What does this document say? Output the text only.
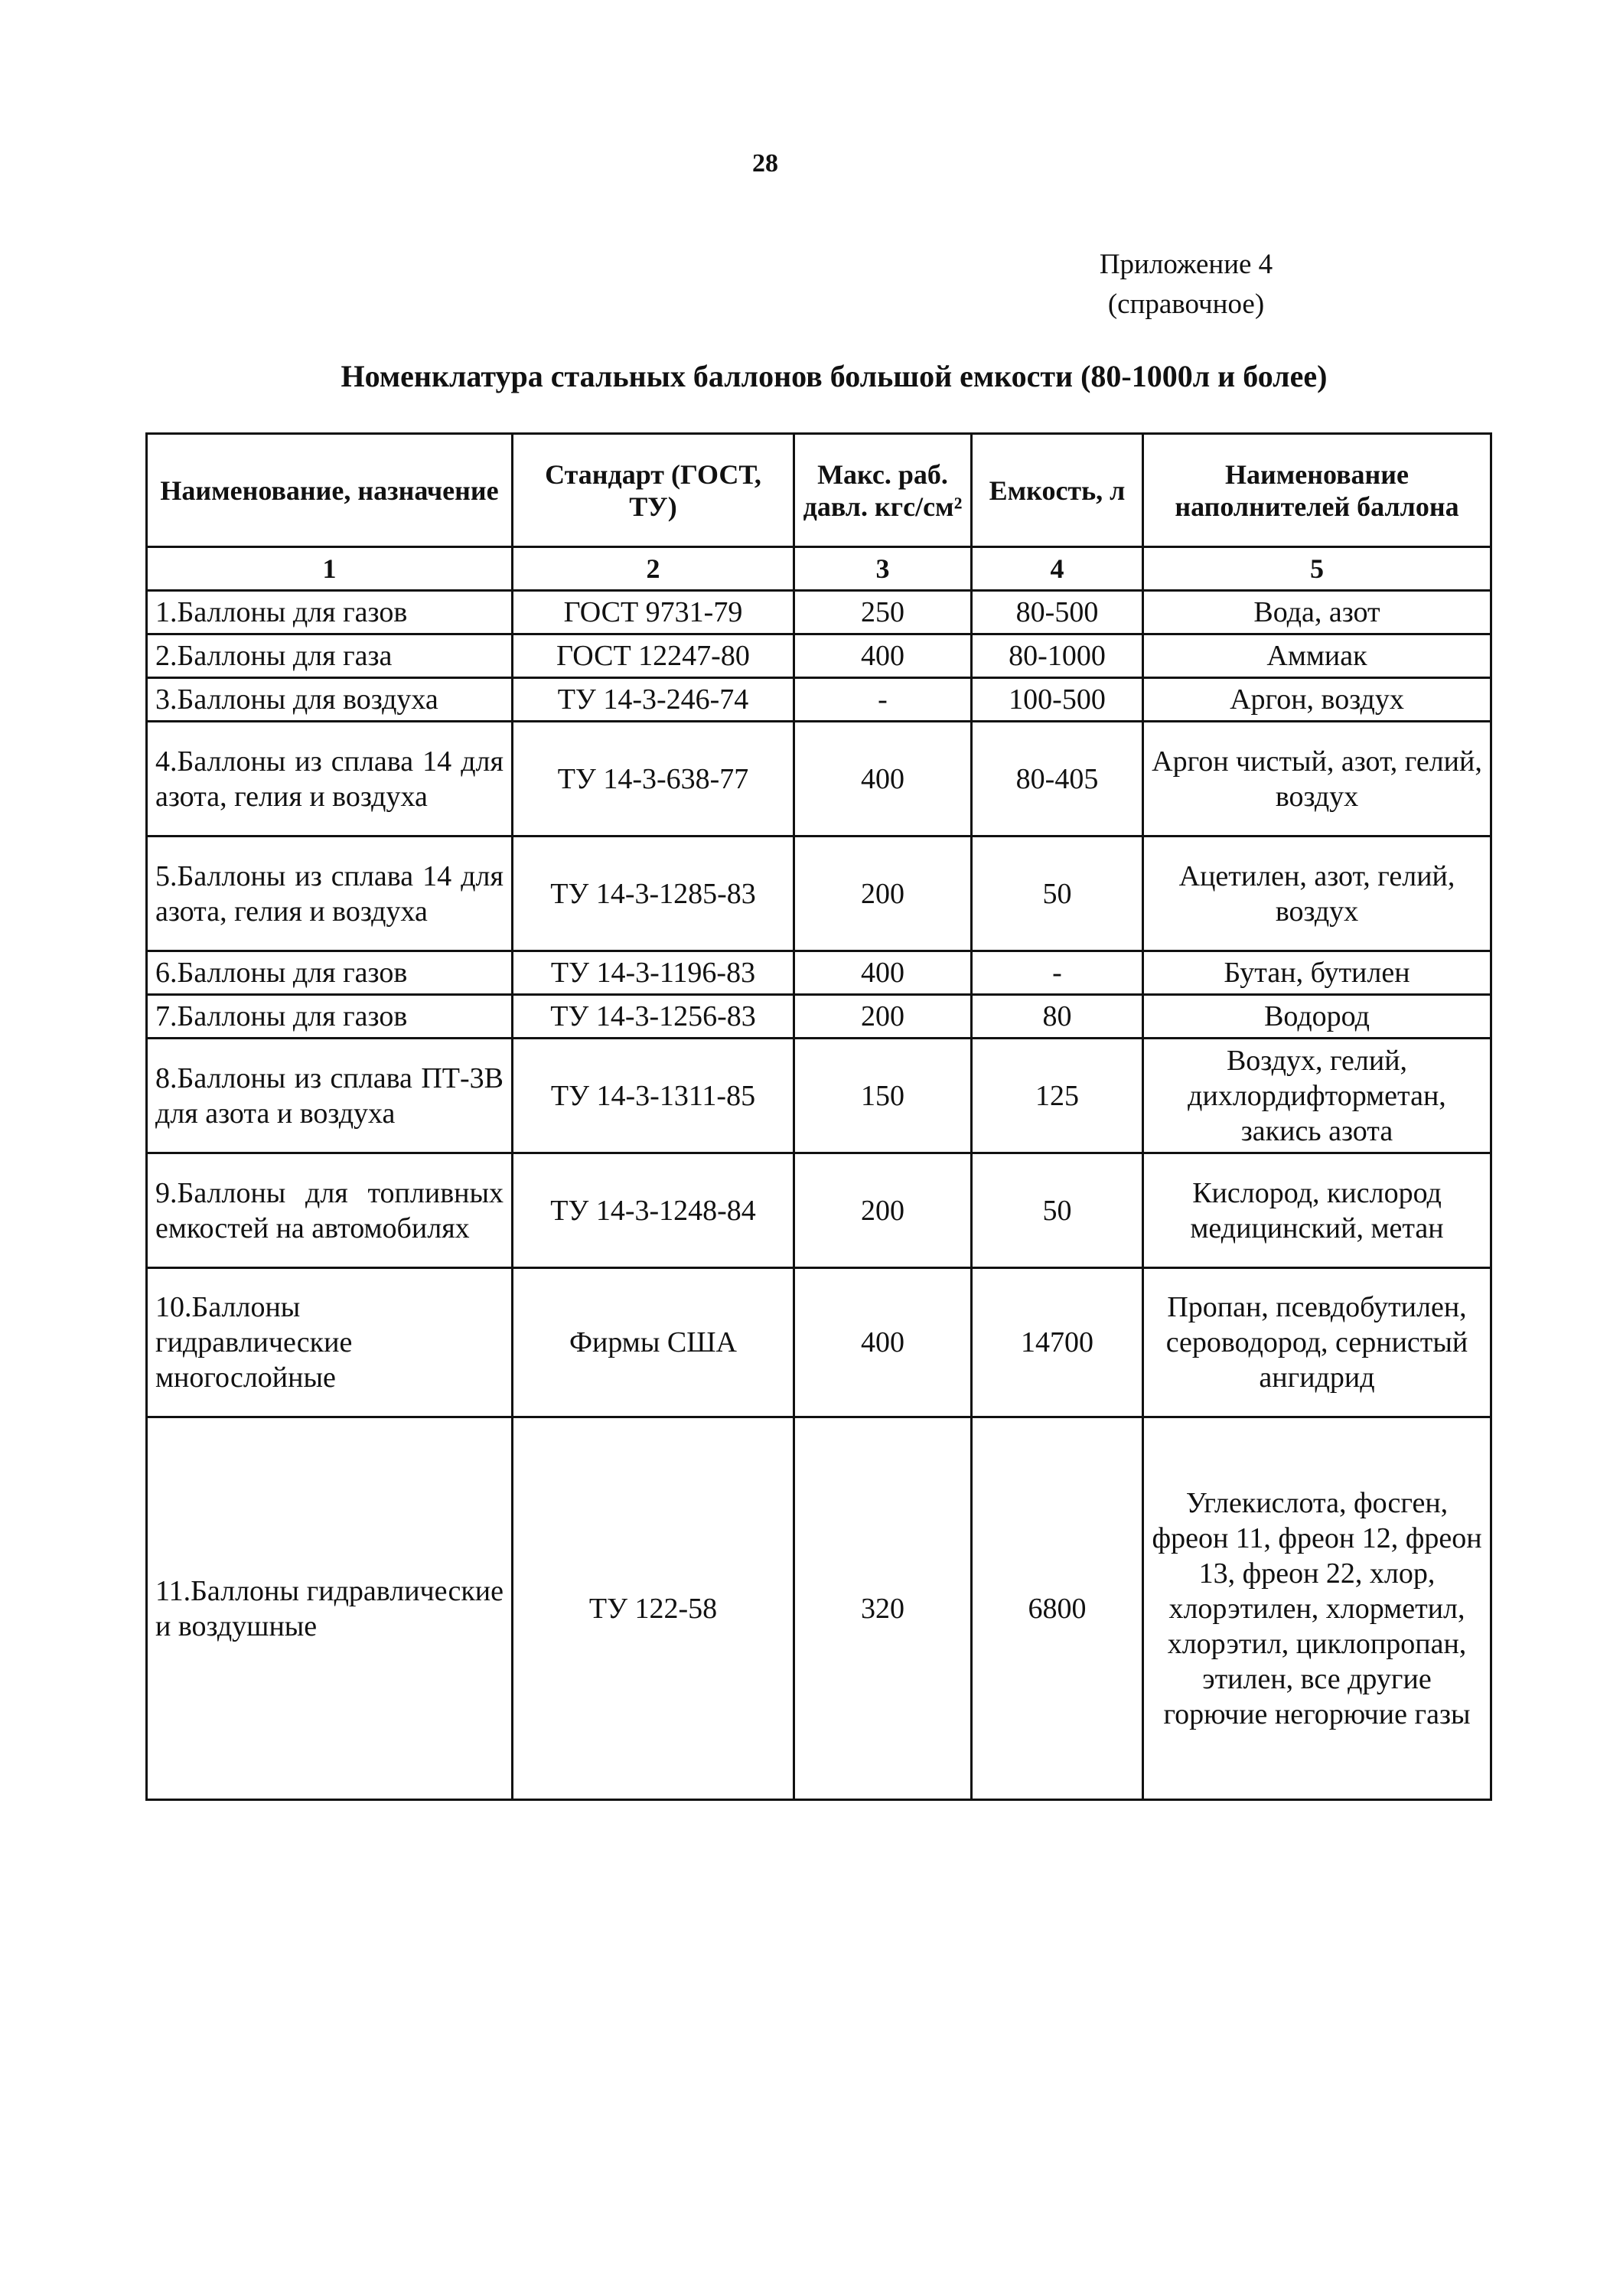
28
Приложение 4
(справочное)
Номенклатура стальных баллонов большой емкости (80-1000л и более)
Наименование, назначение	Стандарт (ГОСТ, ТУ)	Макс. раб. давл. кгс/см²	Емкость, л	Наименование наполнителей баллона
1	2	3	4	5
1.Баллоны для газов	ГОСТ 9731-79	250	80-500	Вода, азот
2.Баллоны для газа	ГОСТ 12247-80	400	80-1000	Аммиак
3.Баллоны для воздуха	ТУ 14-3-246-74	-	100-500	Аргон, воздух
4.Баллоны из сплава 14 для азота, гелия и воздуха	ТУ 14-3-638-77	400	80-405	Аргон чистый, азот, гелий, воздух
5.Баллоны из сплава 14 для азота, гелия и воздуха	ТУ 14-3-1285-83	200	50	Ацетилен, азот, гелий, воздух
6.Баллоны для газов	ТУ 14-3-1196-83	400	-	Бутан, бутилен
7.Баллоны для газов	ТУ 14-3-1256-83	200	80	Водород
8.Баллоны из сплава ПТ-3В для азота и воздуха	ТУ 14-3-1311-85	150	125	Воздух, гелий, дихлордифторметан, закись азота
9.Баллоны для топливных емкостей на автомобилях	ТУ 14-3-1248-84	200	50	Кислород, кислород медицинский, метан
10.Баллоны гидравлические многослойные	Фирмы США	400	14700	Пропан, псевдобутилен, сероводород, сернистый ангидрид
11.Баллоны гидравлические и воздушные	ТУ 122-58	320	6800	Углекислота, фосген, фреон 11, фреон 12, фреон 13, фреон 22, хлор, хлорэтилен, хлорметил, хлорэтил, циклопропан, этилен, все другие горючие негорючие газы
